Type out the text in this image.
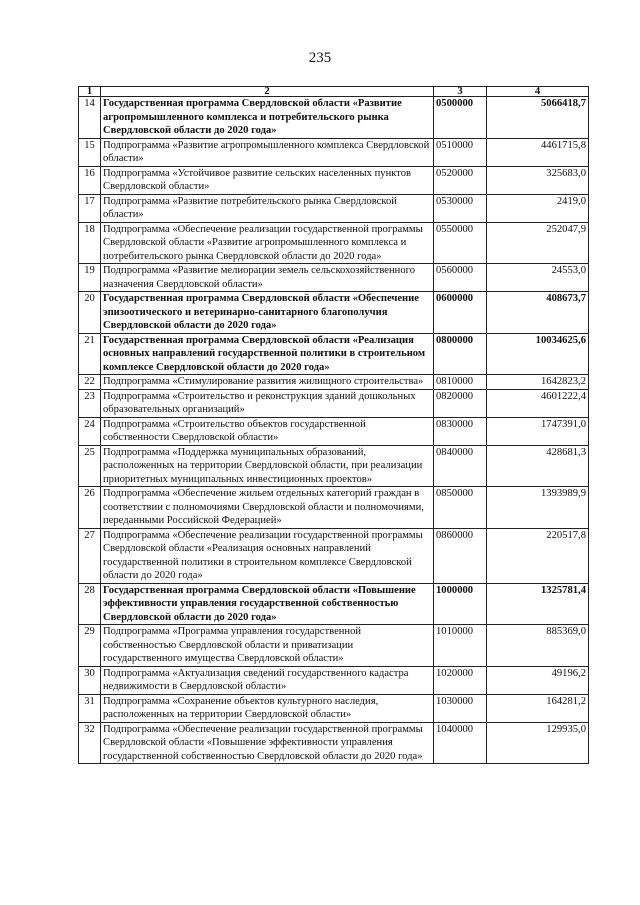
235
1	2	3	4
14	Государственная программа Свердловской области «Развитие агропромышленного комплекса и потребительского рынка Свердловской области до 2020 года»	0500000	5066418,7
15	Подпрограмма «Развитие агропромышленного комплекса Свердловской области»	0510000	4461715,8
16	Подпрограмма «Устойчивое развитие сельских населенных пунктов Свердловской области»	0520000	325683,0
17	Подпрограмма «Развитие потребительского рынка Свердловской области»	0530000	2419,0
18	Подпрограмма «Обеспечение реализации государственной программы Свердловской области «Развитие агропромышленного комплекса и потребительского рынка Свердловской области до 2020 года»	0550000	252047,9
19	Подпрограмма «Развитие мелиорации земель сельскохозяйственного назначения Свердловской области»	0560000	24553,0
20	Государственная программа Свердловской области «Обеспечение эпизоотического и ветеринарно-санитарного благополучия Свердловской области до 2020 года»	0600000	408673,7
21	Государственная программа Свердловской области «Реализация основных направлений государственной политики в строительном комплексе Свердловской области до 2020 года»	0800000	10034625,6
22	Подпрограмма «Стимулирование развития жилищного строительства»	0810000	1642823,2
23	Подпрограмма «Строительство и реконструкция зданий дошкольных образовательных организаций»	0820000	4601222,4
24	Подпрограмма «Строительство объектов государственной собственности Свердловской области»	0830000	1747391,0
25	Подпрограмма «Поддержка муниципальных образований, расположенных на территории Свердловской области, при реализации приоритетных муниципальных инвестиционных проектов»	0840000	428681,3
26	Подпрограмма «Обеспечение жильем отдельных категорий граждан в соответствии с полномочиями Свердловской области и полномочиями, переданными Российской Федерацией»	0850000	1393989,9
27	Подпрограмма «Обеспечение реализации государственной программы Свердловской области «Реализация основных направлений государственной политики в строительном комплексе Свердловской области до 2020 года»	0860000	220517,8
28	Государственная программа Свердловской области «Повышение эффективности управления государственной собственностью Свердловской области до 2020 года»	1000000	1325781,4
29	Подпрограмма «Программа управления государственной собственностью Свердловской области и приватизации государственного имущества Свердловской области»	1010000	885369,0
30	Подпрограмма «Актуализация сведений государственного кадастра недвижимости в Свердловской области»	1020000	49196,2
31	Подпрограмма «Сохранение объектов культурного наследия, расположенных на территории Свердловской области»	1030000	164281,2
32	Подпрограмма «Обеспечение реализации государственной программы Свердловской области «Повышение эффективности управления государственной собственностью Свердловской области до 2020 года»	1040000	129935,0
